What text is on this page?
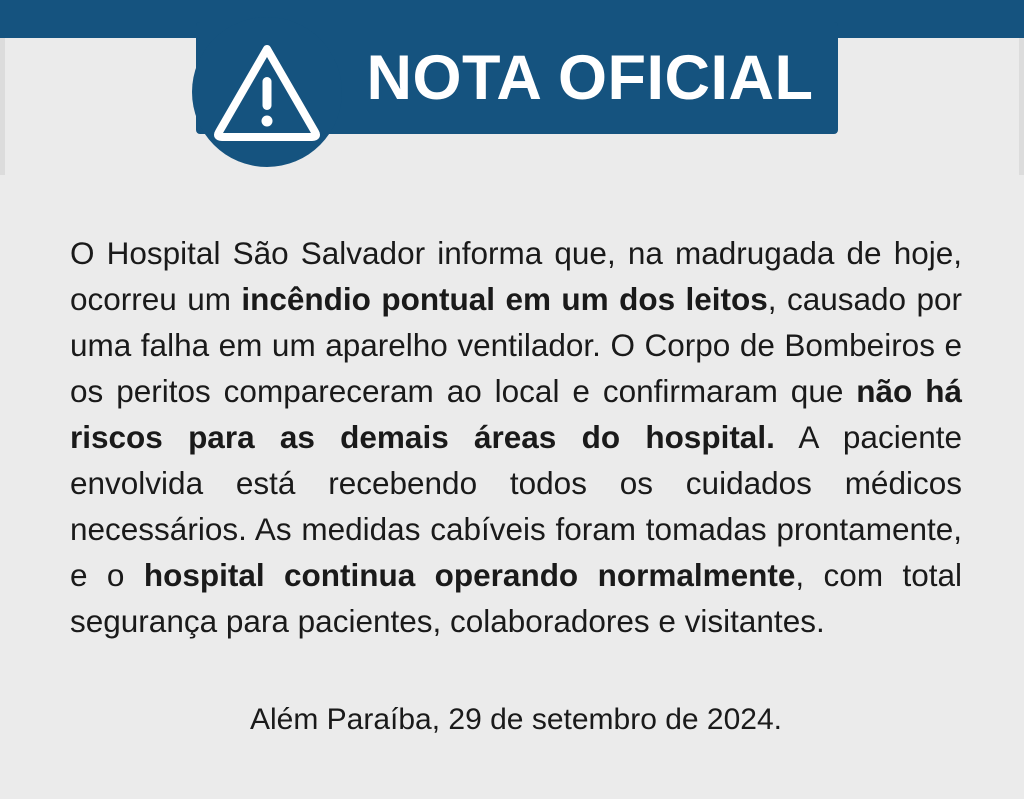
NOTA OFICIAL
O Hospital São Salvador informa que, na madrugada de hoje, ocorreu um incêndio pontual em um dos leitos, causado por uma falha em um aparelho ventilador. O Corpo de Bombeiros e os peritos compareceram ao local e confirmaram que não há riscos para as demais áreas do hospital. A paciente envolvida está recebendo todos os cuidados médicos necessários. As medidas cabíveis foram tomadas prontamente, e o hospital continua operando normalmente, com total segurança para pacientes, colaboradores e visitantes.
Além Paraíba, 29 de setembro de 2024.
